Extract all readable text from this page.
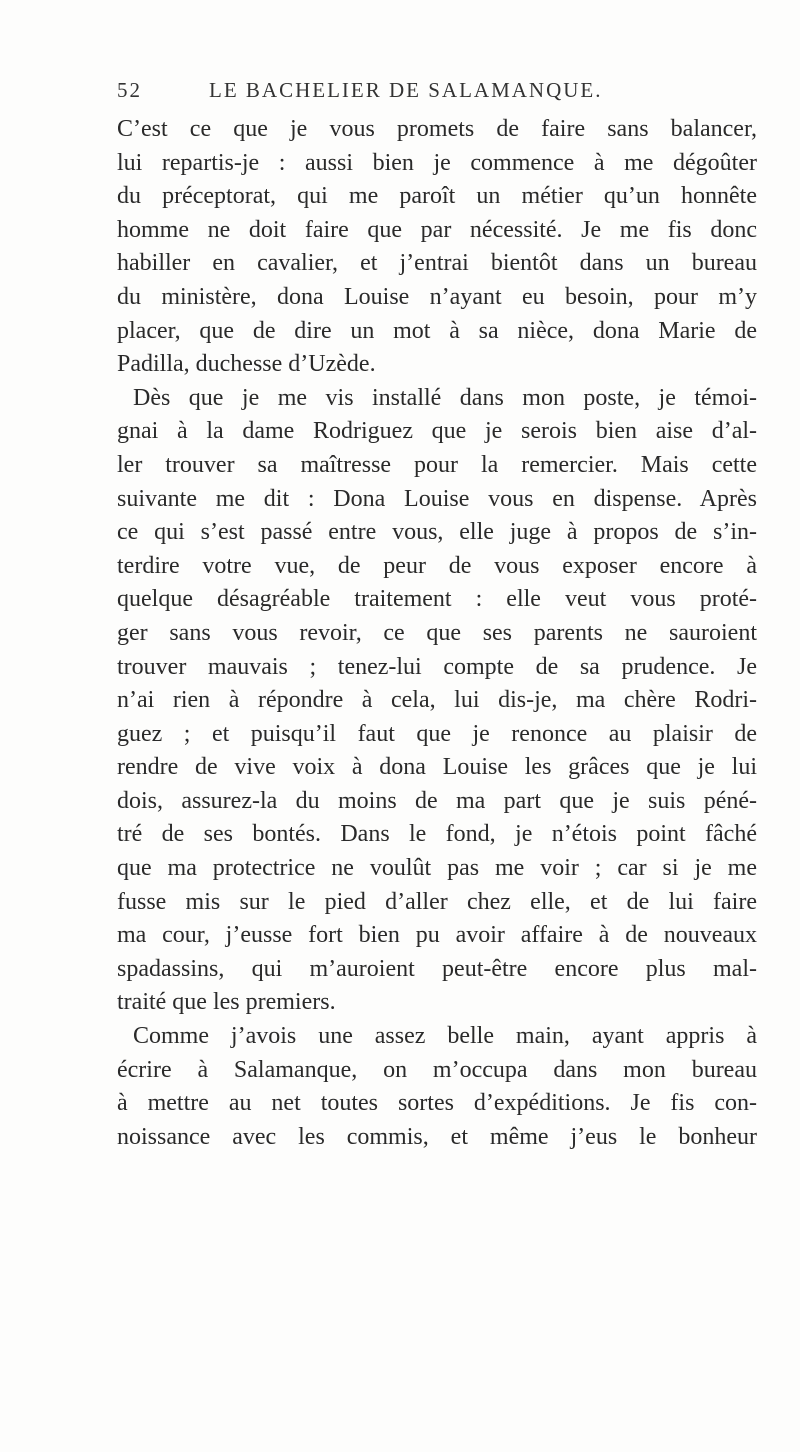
52	LE BACHELIER DE SALAMANQUE.
C’est ce que je vous promets de faire sans balancer,
lui repartis-je : aussi bien je commence à me dégoûter
du préceptorat, qui me paroît un métier qu’un honnête
homme ne doit faire que par nécessité. Je me fis donc
habiller en cavalier, et j’entrai bientôt dans un bureau
du ministère, dona Louise n’ayant eu besoin, pour m’y
placer, que de dire un mot à sa nièce, dona Marie de
Padilla, duchesse d’Uzède.
Dès que je me vis installé dans mon poste, je témoi-
gnai à la dame Rodriguez que je serois bien aise d’al-
ler trouver sa maîtresse pour la remercier. Mais cette
suivante me dit : Dona Louise vous en dispense. Après
ce qui s’est passé entre vous, elle juge à propos de s’in-
terdire votre vue, de peur de vous exposer encore à
quelque désagréable traitement : elle veut vous proté-
ger sans vous revoir, ce que ses parents ne sauroient
trouver mauvais ; tenez-lui compte de sa prudence. Je
n’ai rien à répondre à cela, lui dis-je, ma chère Rodri-
guez ; et puisqu’il faut que je renonce au plaisir de
rendre de vive voix à dona Louise les grâces que je lui
dois, assurez-la du moins de ma part que je suis péné-
tré de ses bontés. Dans le fond, je n’étois point fâché
que ma protectrice ne voulût pas me voir ; car si je me
fusse mis sur le pied d’aller chez elle, et de lui faire
ma cour, j’eusse fort bien pu avoir affaire à de nouveaux
spadassins, qui m’auroient peut-être encore plus mal-
traité que les premiers.
Comme j’avois une assez belle main, ayant appris à
écrire à Salamanque, on m’occupa dans mon bureau
à mettre au net toutes sortes d’expéditions. Je fis con-
noissance avec les commis, et même j’eus le bonheur
